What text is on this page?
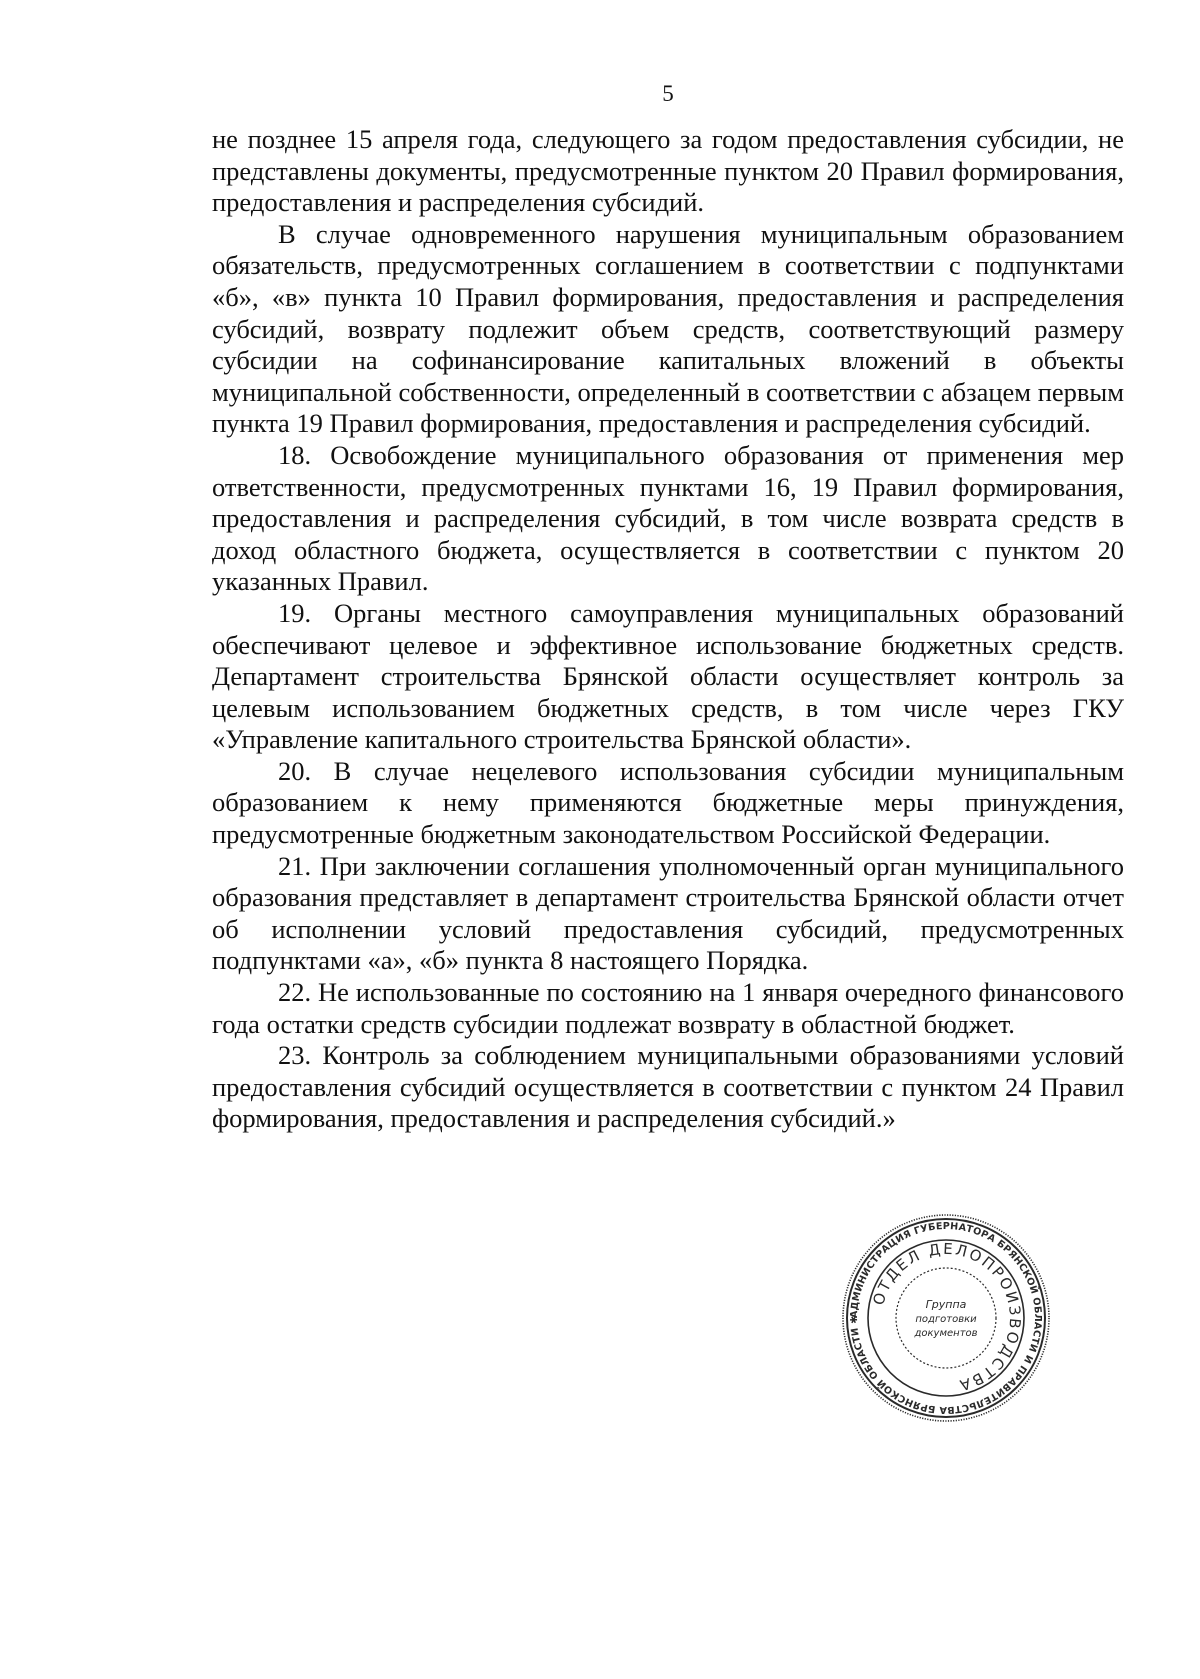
5

не позднее 15 апреля года, следующего за годом предоставления субсидии, не представлены документы, предусмотренные пунктом 20 Правил формирования, предоставления и распределения субсидий.

В случае одновременного нарушения муниципальным образованием обязательств, предусмотренных соглашением в соответствии с подпунктами «б», «в» пункта 10 Правил формирования, предоставления и распределения субсидий, возврату подлежит объем средств, соответствующий размеру субсидии на софинансирование капитальных вложений в объекты муниципальной собственности, определенный в соответствии с абзацем первым пункта 19 Правил формирования, предоставления и распределения субсидий.

18. Освобождение муниципального образования от применения мер ответственности, предусмотренных пунктами 16, 19 Правил формирования, предоставления и распределения субсидий, в том числе возврата средств в доход областного бюджета, осуществляется в соответствии с пунктом 20 указанных Правил.

19. Органы местного самоуправления муниципальных образований обеспечивают целевое и эффективное использование бюджетных средств. Департамент строительства Брянской области осуществляет контроль за целевым использованием бюджетных средств, в том числе через ГКУ «Управление капитального строительства Брянской области».

20. В случае нецелевого использования субсидии муниципальным образованием к нему применяются бюджетные меры принуждения, предусмотренные бюджетным законодательством Российской Федерации.

21. При заключении соглашения уполномоченный орган муниципального образования представляет в департамент строительства Брянской области отчет об исполнении условий предоставления субсидий, предусмотренных подпунктами «а», «б» пункта 8 настоящего Порядка.

22. Не использованные по состоянию на 1 января очередного финансового года остатки средств субсидии подлежат возврату в областной бюджет.

23. Контроль за соблюдением муниципальными образованиями условий предоставления субсидий осуществляется в соответствии с пунктом 24 Правил формирования, предоставления и распределения субсидий.»

АДМИНИСТРАЦИЯ ГУБЕРНАТОРА БРЯНСКОЙ ОБЛАСТИ И ПРАВИТЕЛЬСТВА БРЯНСКОЙ ОБЛАСТИ ✱
ОТДЕЛ ДЕЛОПРОИЗВОДСТВА
Группа
подготовки
документов
